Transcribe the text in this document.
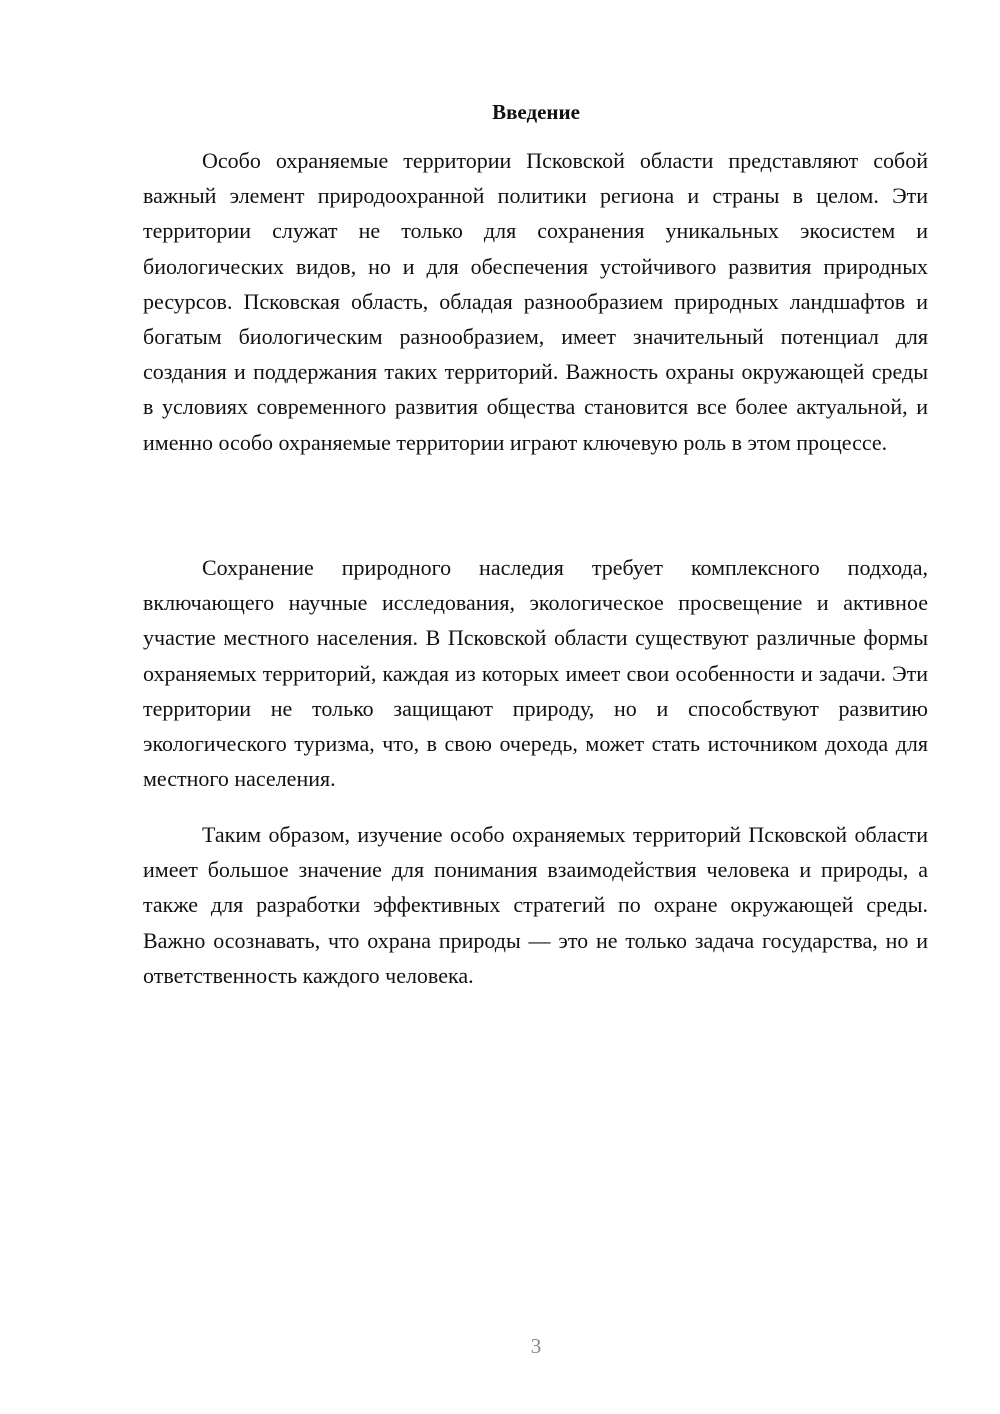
Введение

Особо охраняемые территории Псковской области представляют собой важный элемент природоохранной политики региона и страны в целом. Эти территории служат не только для сохранения уникальных экосистем и биологических видов, но и для обеспечения устойчивого развития природных ресурсов. Псковская область, обладая разнообразием природных ландшафтов и богатым биологическим разнообразием, имеет значительный потенциал для создания и поддержания таких территорий. Важность охраны окружающей среды в условиях современного развития общества становится все более актуальной, и именно особо охраняемые территории играют ключевую роль в этом процессе.

Сохранение природного наследия требует комплексного подхода, включающего научные исследования, экологическое просвещение и активное участие местного населения. В Псковской области существуют различные формы охраняемых территорий, каждая из которых имеет свои особенности и задачи. Эти территории не только защищают природу, но и способствуют развитию экологического туризма, что, в свою очередь, может стать источником дохода для местного населения.

Таким образом, изучение особо охраняемых территорий Псковской области имеет большое значение для понимания взаимодействия человека и природы, а также для разработки эффективных стратегий по охране окружающей среды. Важно осознавать, что охрана природы — это не только задача государства, но и ответственность каждого человека.

3
